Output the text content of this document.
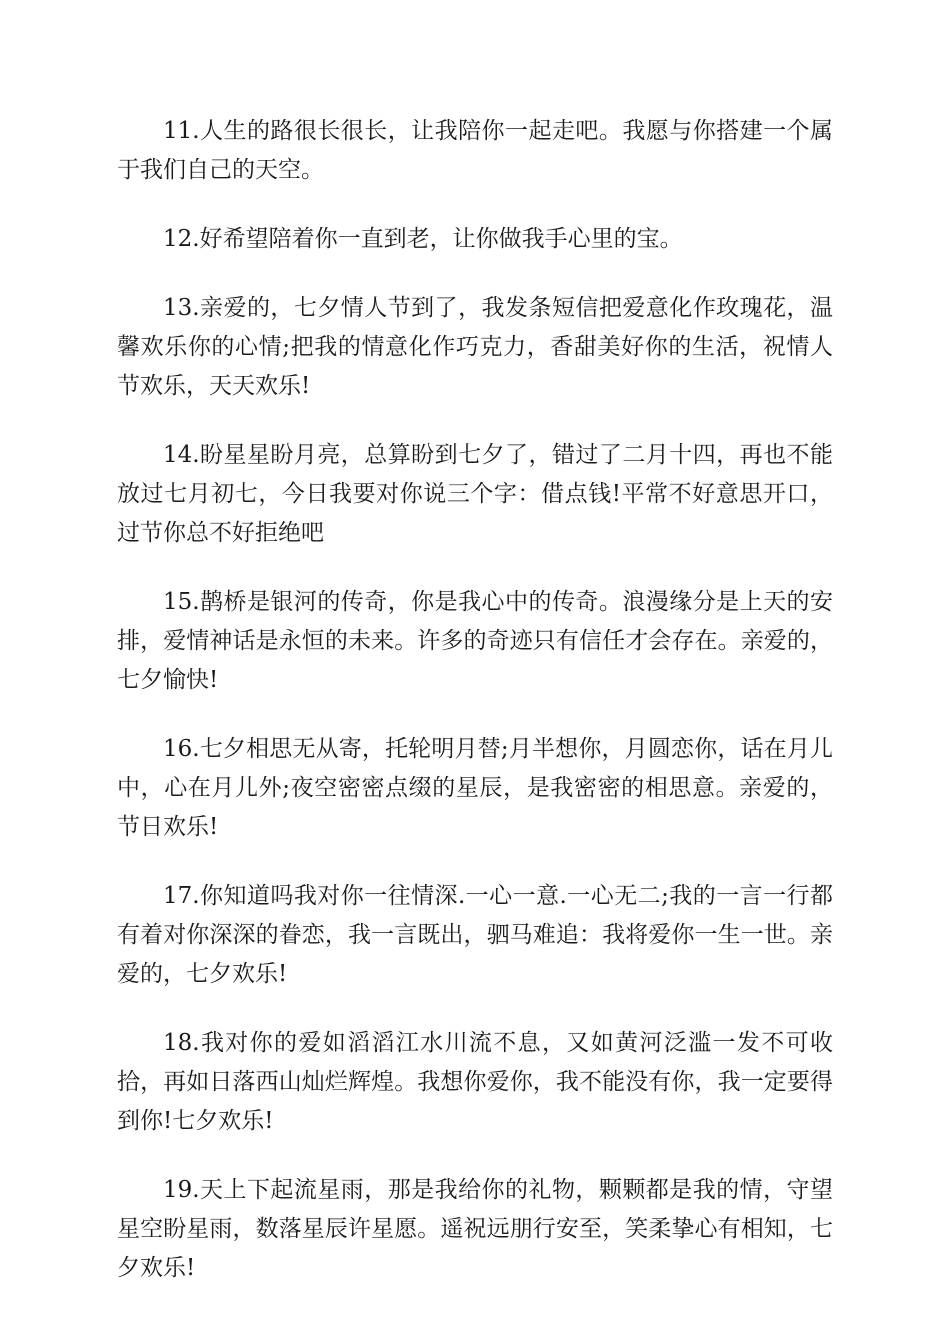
11.人生的路很长很长，让我陪你一起走吧。我愿与你搭建一个属于我们自己的天空。

12.好希望陪着你一直到老，让你做我手心里的宝。

13.亲爱的，七夕情人节到了，我发条短信把爱意化作玫瑰花，温馨欢乐你的心情;把我的情意化作巧克力，香甜美好你的生活，祝情人节欢乐，天天欢乐!

14.盼星星盼月亮，总算盼到七夕了，错过了二月十四，再也不能放过七月初七，今日我要对你说三个字：借点钱!平常不好意思开口，过节你总不好拒绝吧

15.鹊桥是银河的传奇，你是我心中的传奇。浪漫缘分是上天的安排，爱情神话是永恒的未来。许多的奇迹只有信任才会存在。亲爱的，七夕愉快!

16.七夕相思无从寄，托轮明月替;月半想你，月圆恋你，话在月儿中，心在月儿外;夜空密密点缀的星辰，是我密密的相思意。亲爱的，节日欢乐!

17.你知道吗我对你一往情深.一心一意.一心无二;我的一言一行都有着对你深深的眷恋，我一言既出，驷马难追：我将爱你一生一世。亲爱的，七夕欢乐!

18.我对你的爱如滔滔江水川流不息，又如黄河泛滥一发不可收拾，再如日落西山灿烂辉煌。我想你爱你，我不能没有你，我一定要得到你!七夕欢乐!

19.天上下起流星雨，那是我给你的礼物，颗颗都是我的情，守望星空盼星雨，数落星辰许星愿。遥祝远朋行安至，笑柔挚心有相知，七夕欢乐!
